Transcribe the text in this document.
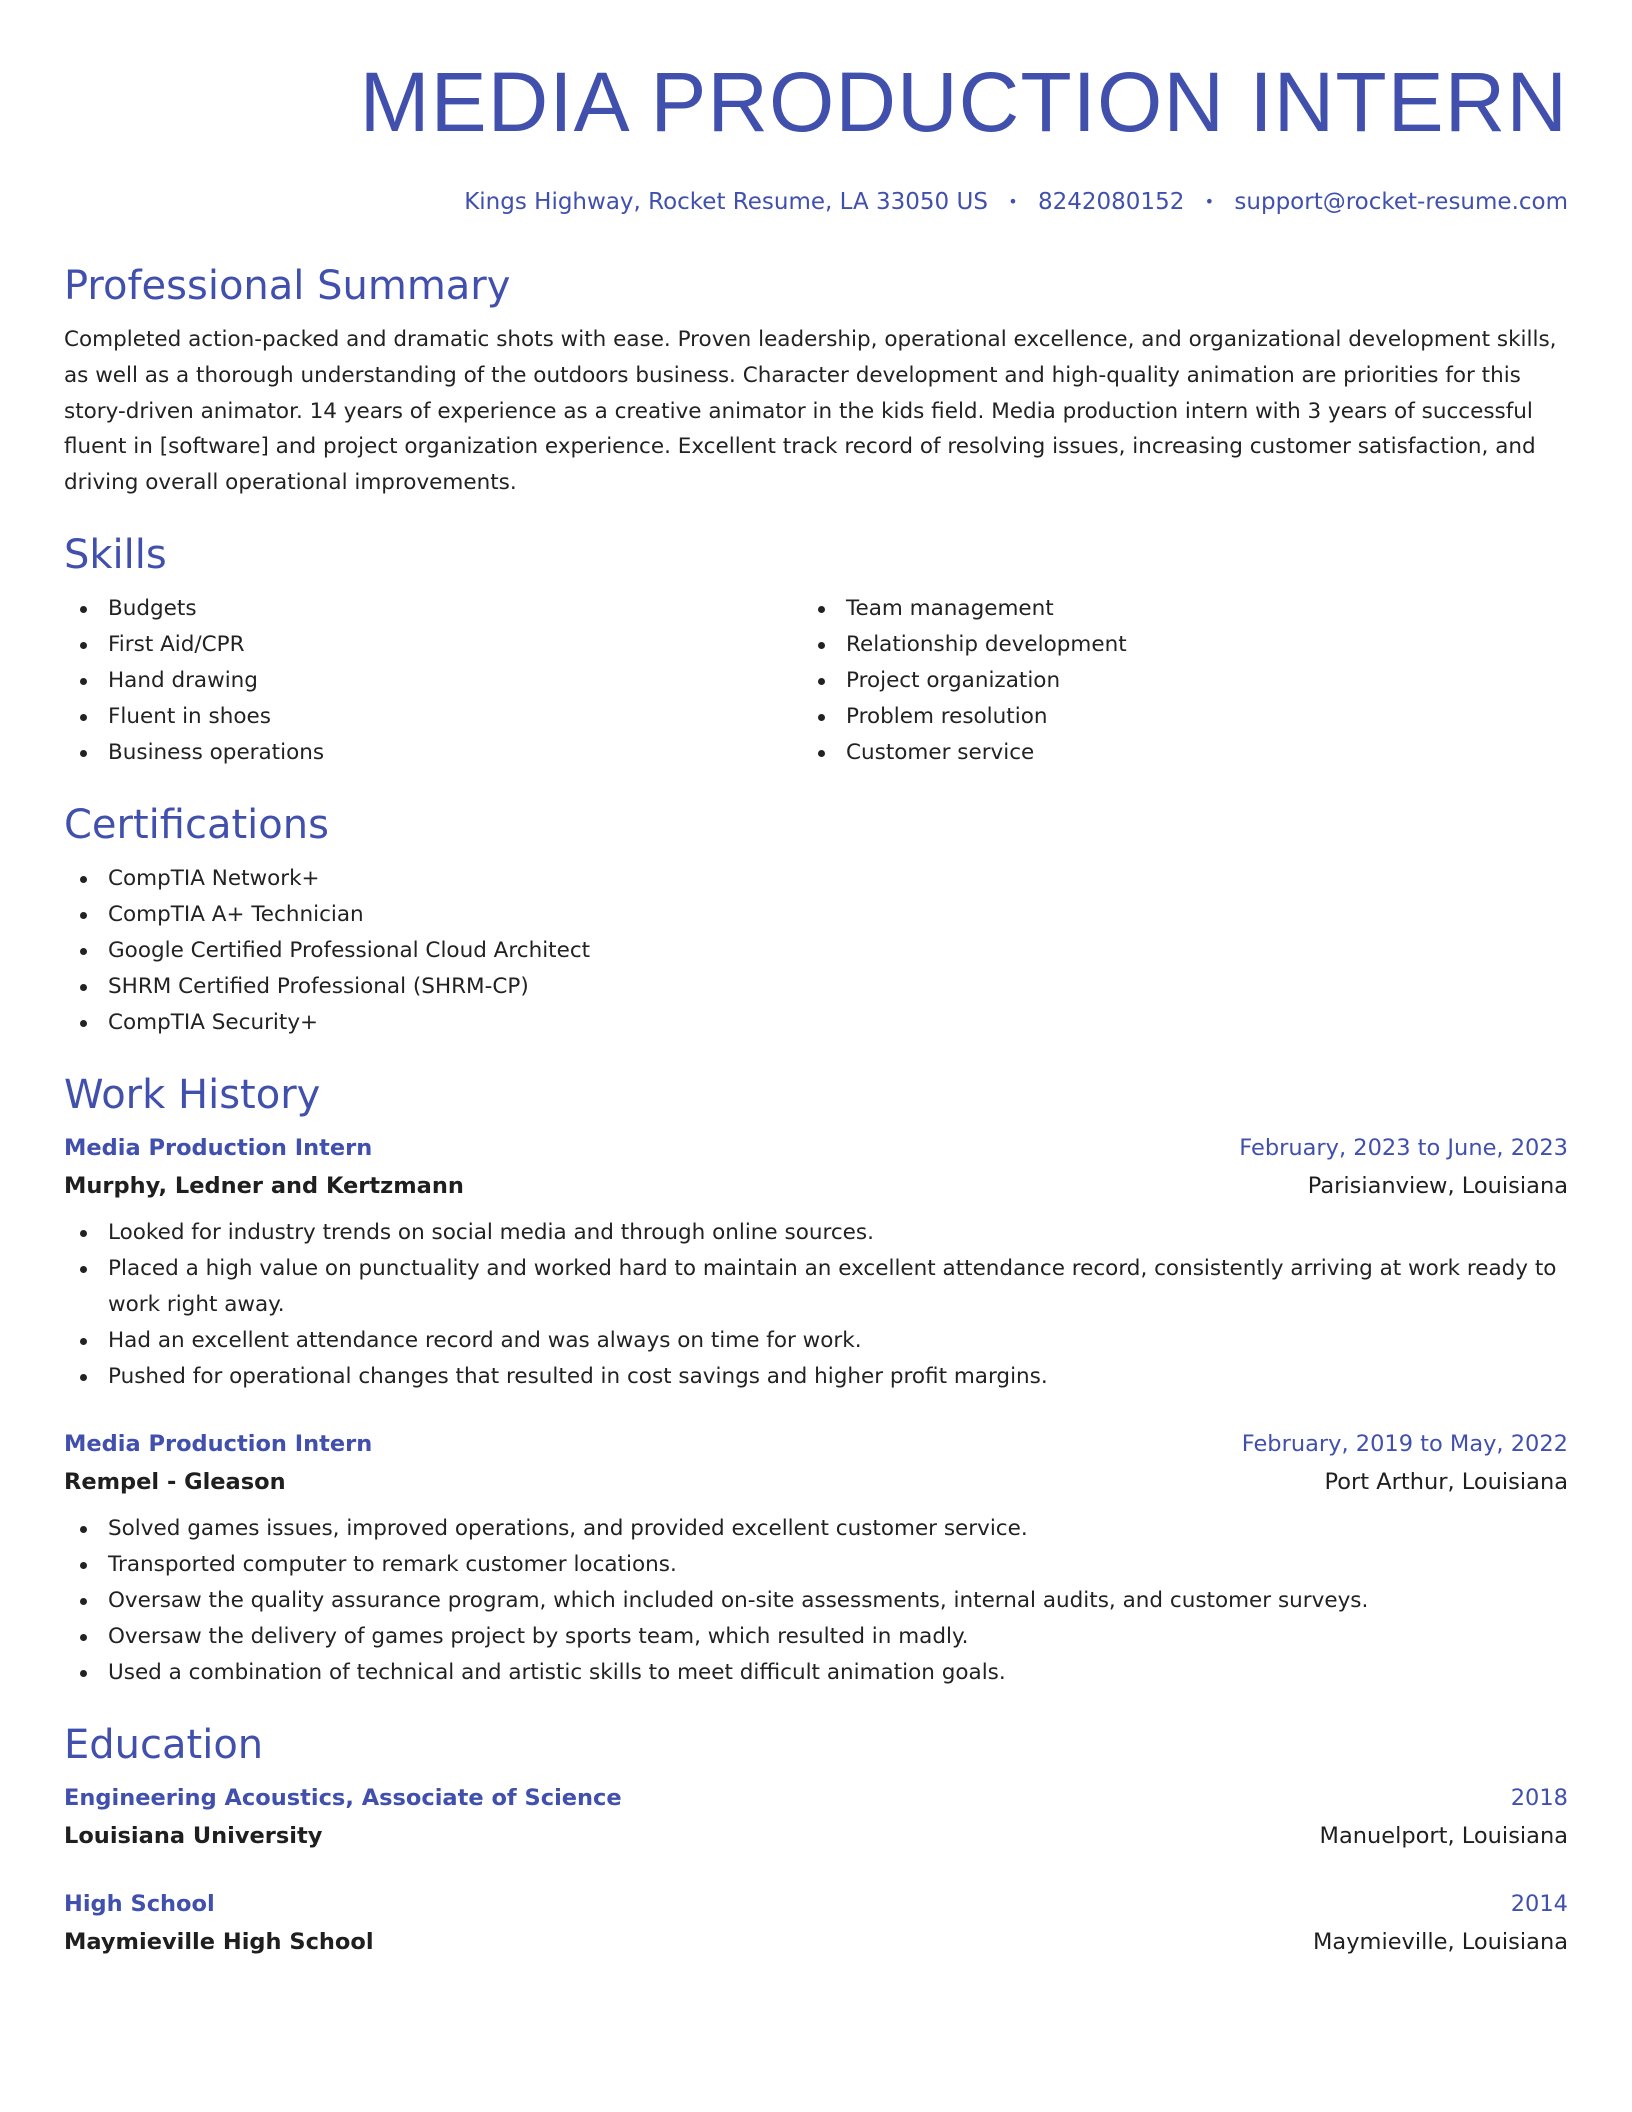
MEDIA PRODUCTION INTERN
Kings Highway, Rocket Resume, LA 33050 US • 8242080152 • support@rocket-resume.com
Professional Summary

Completed action-packed and dramatic shots with ease. Proven leadership, operational excellence, and organizational development skills, as well as a thorough understanding of the outdoors business. Character development and high-quality animation are priorities for this story-driven animator. 14 years of experience as a creative animator in the kids field. Media production intern with 3 years of successful fluent in [software] and project organization experience. Excellent track record of resolving issues, increasing customer satisfaction, and driving overall operational improvements.

Skills
Budgets
First Aid/CPR
Hand drawing
Fluent in shoes
Business operations
Team management
Relationship development
Project organization
Problem resolution
Customer service
Certifications
CompTIA Network+
CompTIA A+ Technician
Google Certified Professional Cloud Architect
SHRM Certified Professional (SHRM-CP)
CompTIA Security+
Work History
Media Production Intern	February, 2023 to June, 2023
Murphy, Ledner and Kertzmann	Parisianview, Louisiana
Looked for industry trends on social media and through online sources.
Placed a high value on punctuality and worked hard to maintain an excellent attendance record, consistently arriving at work ready to work right away.
Had an excellent attendance record and was always on time for work.
Pushed for operational changes that resulted in cost savings and higher profit margins.
Media Production Intern	February, 2019 to May, 2022
Rempel - Gleason	Port Arthur, Louisiana
Solved games issues, improved operations, and provided excellent customer service.
Transported computer to remark customer locations.
Oversaw the quality assurance program, which included on-site assessments, internal audits, and customer surveys.
Oversaw the delivery of games project by sports team, which resulted in madly.
Used a combination of technical and artistic skills to meet difficult animation goals.
Education
Engineering Acoustics, Associate of Science	2018
Louisiana University	Manuelport, Louisiana
High School	2014
Maymieville High School	Maymieville, Louisiana
